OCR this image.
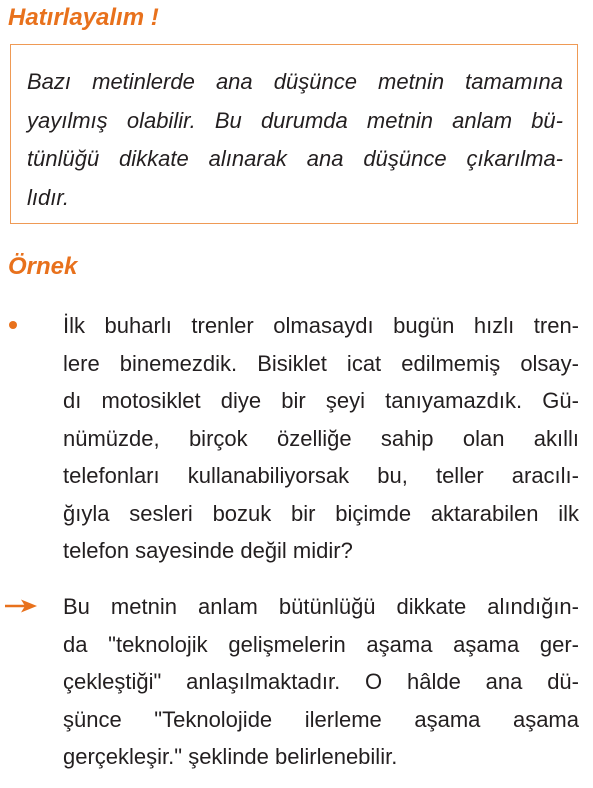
Hatırlayalım !

Bazı metinlerde ana düşünce metnin tamamına
yayılmış olabilir. Bu durumda metnin anlam bü-
tünlüğü dikkate alınarak ana düşünce çıkarılma-
lıdır.

Örnek

İlk buharlı trenler olmasaydı bugün hızlı tren-
lere binemezdik. Bisiklet icat edilmemiş olsay-
dı motosiklet diye bir şeyi tanıyamazdık. Gü-
nümüzde, birçok özelliğe sahip olan akıllı
telefonları kullanabiliyorsak bu, teller aracılı-
ğıyla sesleri bozuk bir biçimde aktarabilen ilk
telefon sayesinde değil midir?

Bu metnin anlam bütünlüğü dikkate alındığın-
da "teknolojik gelişmelerin aşama aşama ger-
çekleştiği" anlaşılmaktadır. O hâlde ana dü-
şünce "Teknolojide ilerleme aşama aşama
gerçekleşir." şeklinde belirlenebilir.
